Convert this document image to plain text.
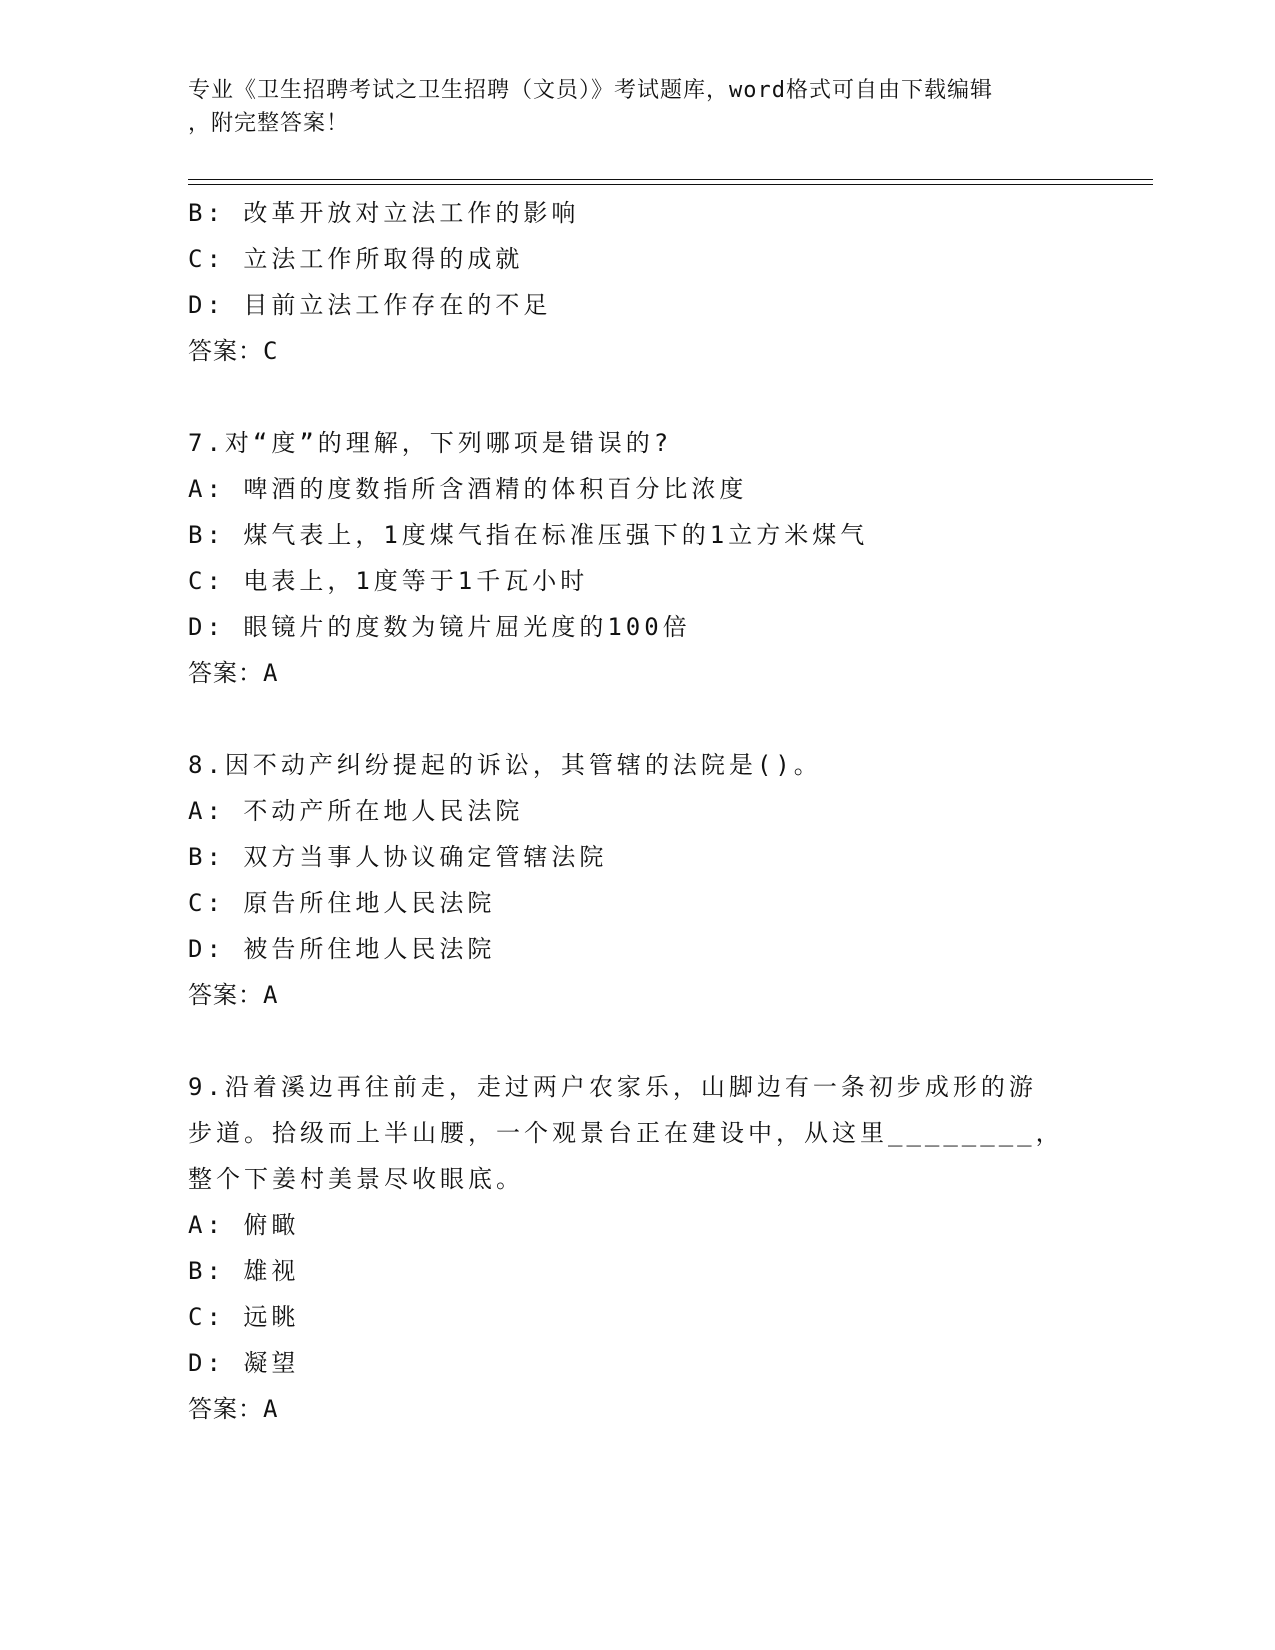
专业《卫生招聘考试之卫生招聘（文员）》考试题库，word格式可自由下载编辑
，附完整答案！
B: 改革开放对立法工作的影响
C: 立法工作所取得的成就
D: 目前立法工作存在的不足
答案：C
7.对“度”的理解，下列哪项是错误的?
A: 啤酒的度数指所含酒精的体积百分比浓度
B: 煤气表上，1度煤气指在标准压强下的1立方米煤气
C: 电表上，1度等于1千瓦小时
D: 眼镜片的度数为镜片屈光度的100倍
答案：A
8.因不动产纠纷提起的诉讼，其管辖的法院是()。
A: 不动产所在地人民法院
B: 双方当事人协议确定管辖法院
C: 原告所住地人民法院
D: 被告所住地人民法院
答案：A
9.沿着溪边再往前走，走过两户农家乐，山脚边有一条初步成形的游
步道。拾级而上半山腰，一个观景台正在建设中，从这里________，
整个下姜村美景尽收眼底。
A: 俯瞰
B: 雄视
C: 远眺
D: 凝望
答案：A
